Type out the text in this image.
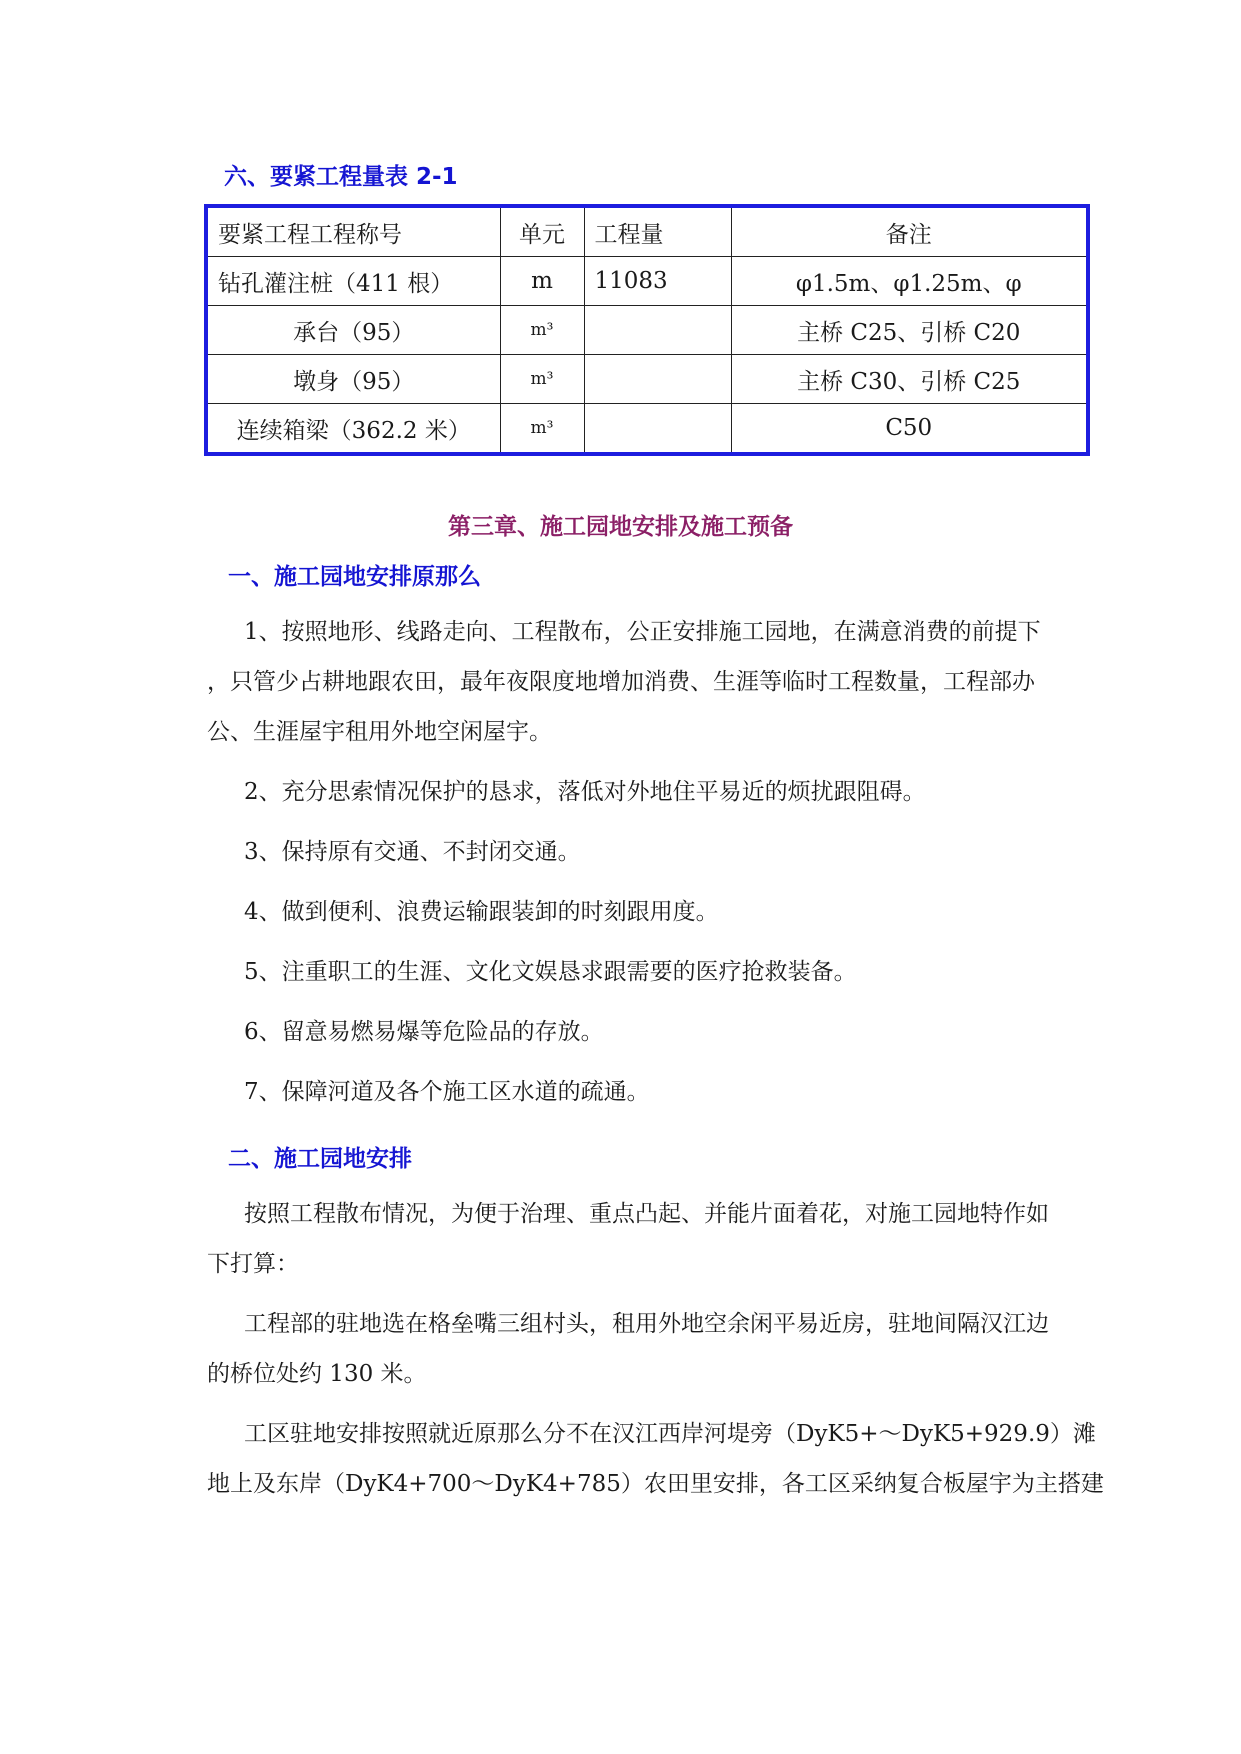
六、要紧工程量表 2-1
要紧工程工程称号	单元	工程量	备注
钻孔灌注桩（411 根）	m	11083	φ1.5m、φ1.25m、φ
承台（95）	m³		主桥 C25、引桥 C20
墩身（95）	m³		主桥 C30、引桥 C25
连续箱梁（362.2 米）	m³		C50
第三章、施工园地安排及施工预备
一、施工园地安排原那么

1、按照地形、线路走向、工程散布，公正安排施工园地，在满意消费的前提下

，只管少占耕地跟农田，最年夜限度地增加消费、生涯等临时工程数量，工程部办

公、生涯屋宇租用外地空闲屋宇。

2、充分思索情况保护的恳求，落低对外地住平易近的烦扰跟阻碍。

3、保持原有交通、不封闭交通。

4、做到便利、浪费运输跟装卸的时刻跟用度。

5、注重职工的生涯、文化文娱恳求跟需要的医疗抢救装备。

6、留意易燃易爆等危险品的存放。

7、保障河道及各个施工区水道的疏通。

二、施工园地安排

按照工程散布情况，为便于治理、重点凸起、并能片面着花，对施工园地特作如

下打算：

工程部的驻地选在格垒嘴三组村头，租用外地空余闲平易近房，驻地间隔汉江边

的桥位处约 130 米。

工区驻地安排按照就近原那么分不在汉江西岸河堤旁（DyK5+～DyK5+929.9）滩

地上及东岸（DyK4+700～DyK4+785）农田里安排，各工区采纳复合板屋宇为主搭建
